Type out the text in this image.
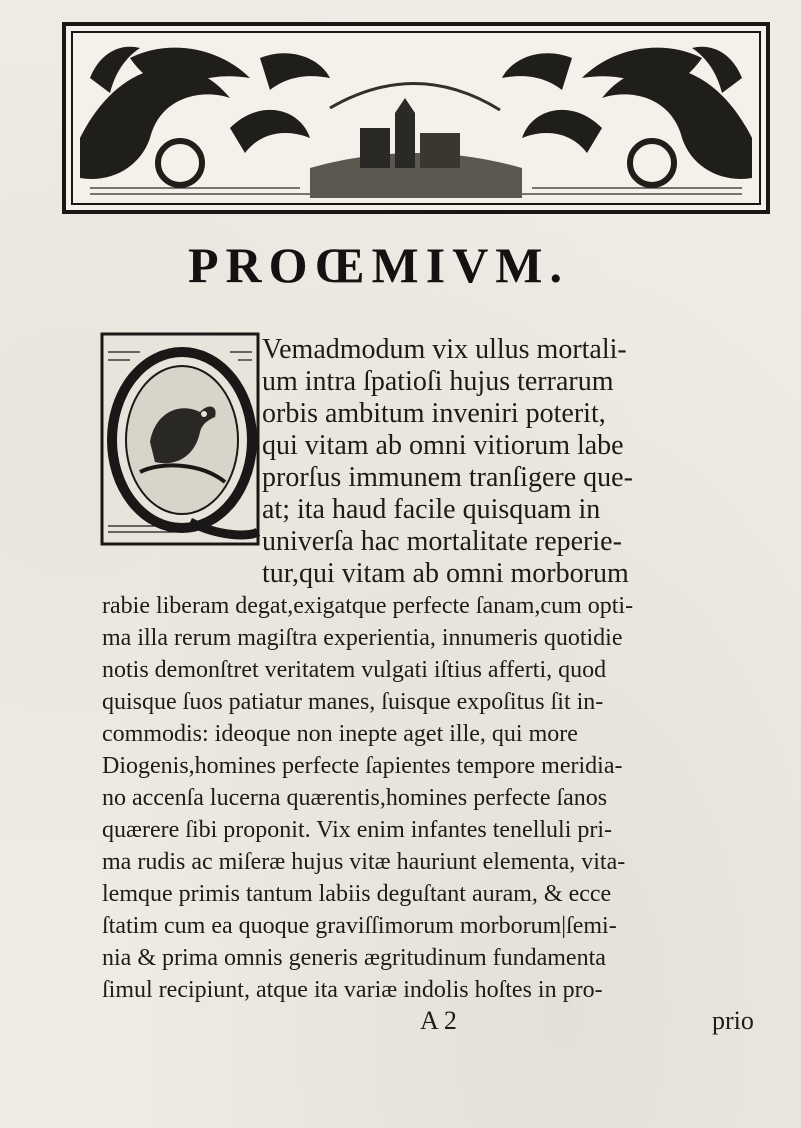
PROŒMIVM.
Vemadmodum vix ullus mortali-
um intra ſpatioſi hujus terrarum
orbis ambitum inveniri poterit,
qui vitam ab omni vitiorum labe
prorſus immunem tranſigere que-
at; ita haud facile quisquam in
univerſa hac mortalitate reperie-
tur,qui vitam ab omni morborum
rabie liberam degat,exigatque perfecte ſanam,cum opti-
ma illa rerum magiſtra experientia, innumeris quotidie
notis demonſtret veritatem vulgati iſtius afferti, quod
quisque ſuos patiatur manes, ſuisque expoſitus ſit in-
commodis: ideoque non inepte aget ille, qui more
Diogenis,homines perfecte ſapientes tempore meridia-
no accenſa lucerna quærentis,homines perfecte ſanos
quærere ſibi proponit. Vix enim infantes tenelluli pri-
ma rudis ac miſeræ hujus vitæ hauriunt elementa, vita-
lemque primis tantum labiis deguſtant auram, & ecce
ſtatim cum ea quoque graviſſimorum morborum|ſemi-
nia & prima omnis generis ægritudinum fundamenta
ſimul recipiunt, atque ita variæ indolis hoſtes in pro-
A 2	prio
